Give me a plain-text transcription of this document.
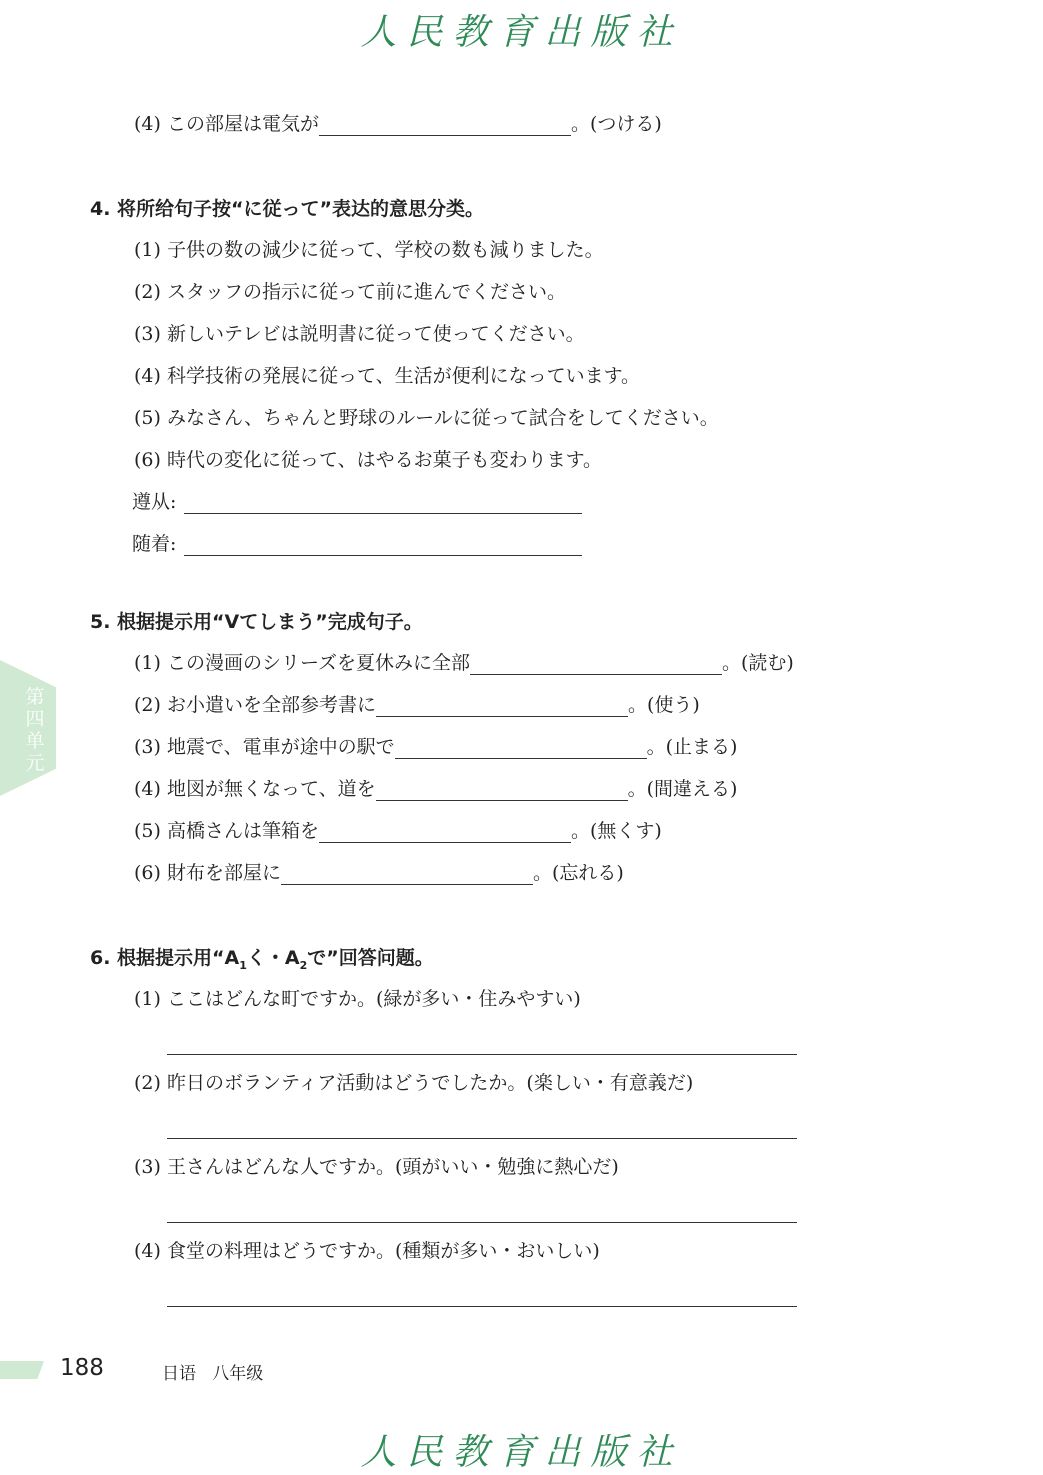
人民教育出版社
(4) この部屋は電気が	。(つける)
4. 将所给句子按“に従って”表达的意思分类。
(1) 子供の数の減少に従って、学校の数も減りました。
(2) スタッフの指示に従って前に進んでください。
(3) 新しいテレビは説明書に従って使ってください。
(4) 科学技術の発展に従って、生活が便利になっています。
(5) みなさん、ちゃんと野球のルールに従って試合をしてください。
(6) 時代の変化に従って、はやるお菓子も変わります。
遵从:
随着:
5. 根据提示用“Vてしまう”完成句子。
(1) この漫画のシリーズを夏休みに全部	。(読む)
(2) お小遣いを全部参考書に	。(使う)
(3) 地震で、電車が途中の駅で	。(止まる)
(4) 地図が無くなって、道を	。(間違える)
(5) 高橋さんは筆箱を	。(無くす)
(6) 財布を部屋に	。(忘れる)
6. 根据提示用“$A_1$く・$A_2$で”回答问题。
(1) ここはどんな町ですか。(緑が多い・住みやすい)
(2) 昨日のボランティア活動はどうでしたか。(楽しい・有意義だ)
(3) 王さんはどんな人ですか。(頭がいい・勉強に熱心だ)
(4) 食堂の料理はどうですか。(種類が多い・おいしい)
第四单元
188	日语   八年级
人民教育出版社
